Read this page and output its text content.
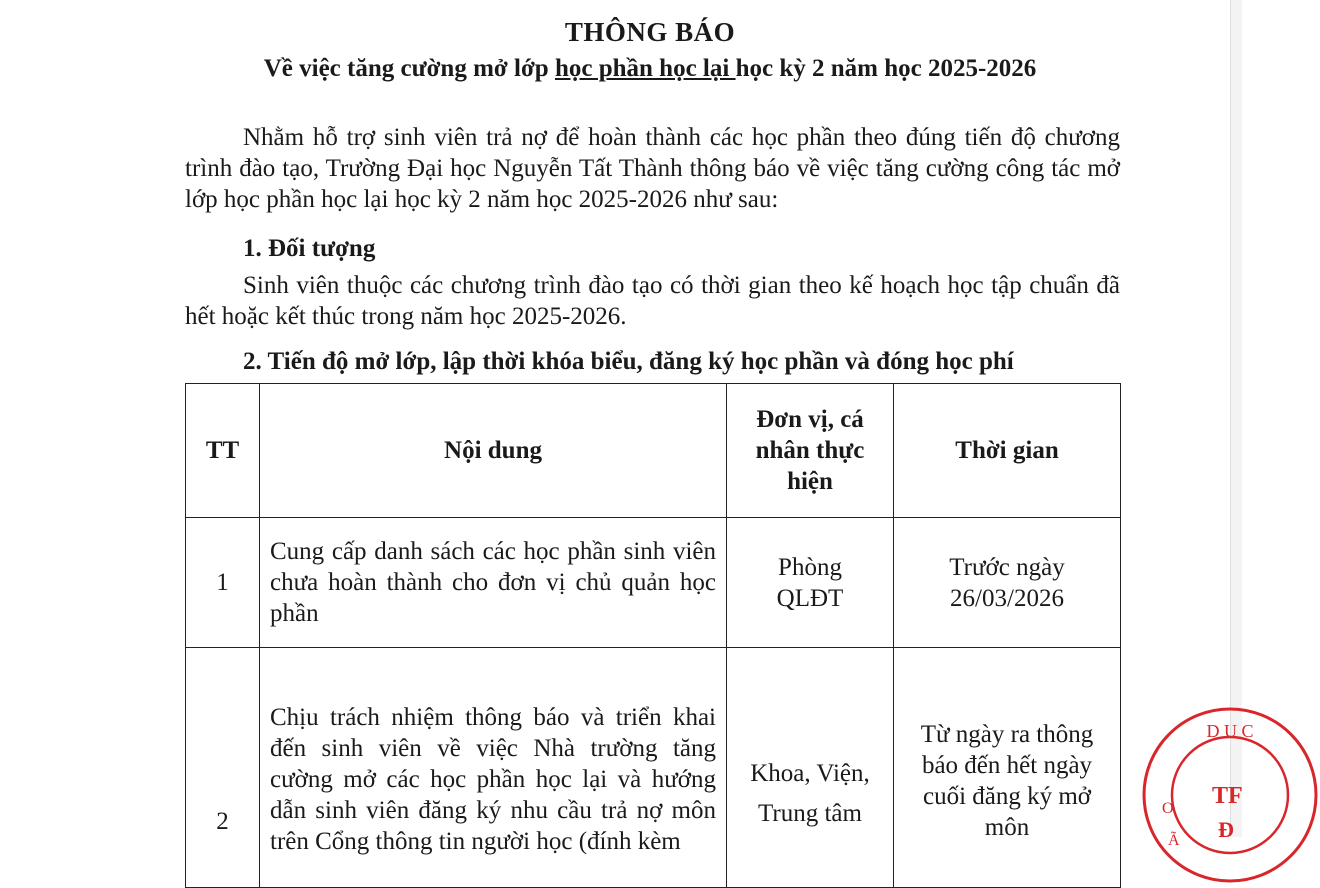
THÔNG BÁO
Về việc tăng cường mở lớp học phần học lại học kỳ 2 năm học 2025-2026

Nhằm hỗ trợ sinh viên trả nợ để hoàn thành các học phần theo đúng tiến độ chương trình đào tạo, Trường Đại học Nguyễn Tất Thành thông báo về việc tăng cường công tác mở lớp học phần học lại học kỳ 2 năm học 2025-2026 như sau:

1. Đối tượng

Sinh viên thuộc các chương trình đào tạo có thời gian theo kế hoạch học tập chuẩn đã hết hoặc kết thúc trong năm học 2025-2026.

2. Tiến độ mở lớp, lập thời khóa biểu, đăng ký học phần và đóng học phí
TT	Nội dung	Đơn vị, cá nhân thực hiện	Thời gian
1	Cung cấp danh sách các học phần sinh viên chưa hoàn thành cho đơn vị chủ quản học phần	Phòng QLĐT	Trước ngày 26/03/2026
2	Chịu trách nhiệm thông báo và triển khai đến sinh viên về việc Nhà trường tăng cường mở các học phần học lại và hướng dẫn sinh viên đăng ký nhu cầu trả nợ môn trên Cổng thông tin người học (đính kèm	Khoa, Viện, Trung tâm	Từ ngày ra thông báo đến hết ngày cuối đăng ký mở môn
D U C
O
Ã
TF
Đ
